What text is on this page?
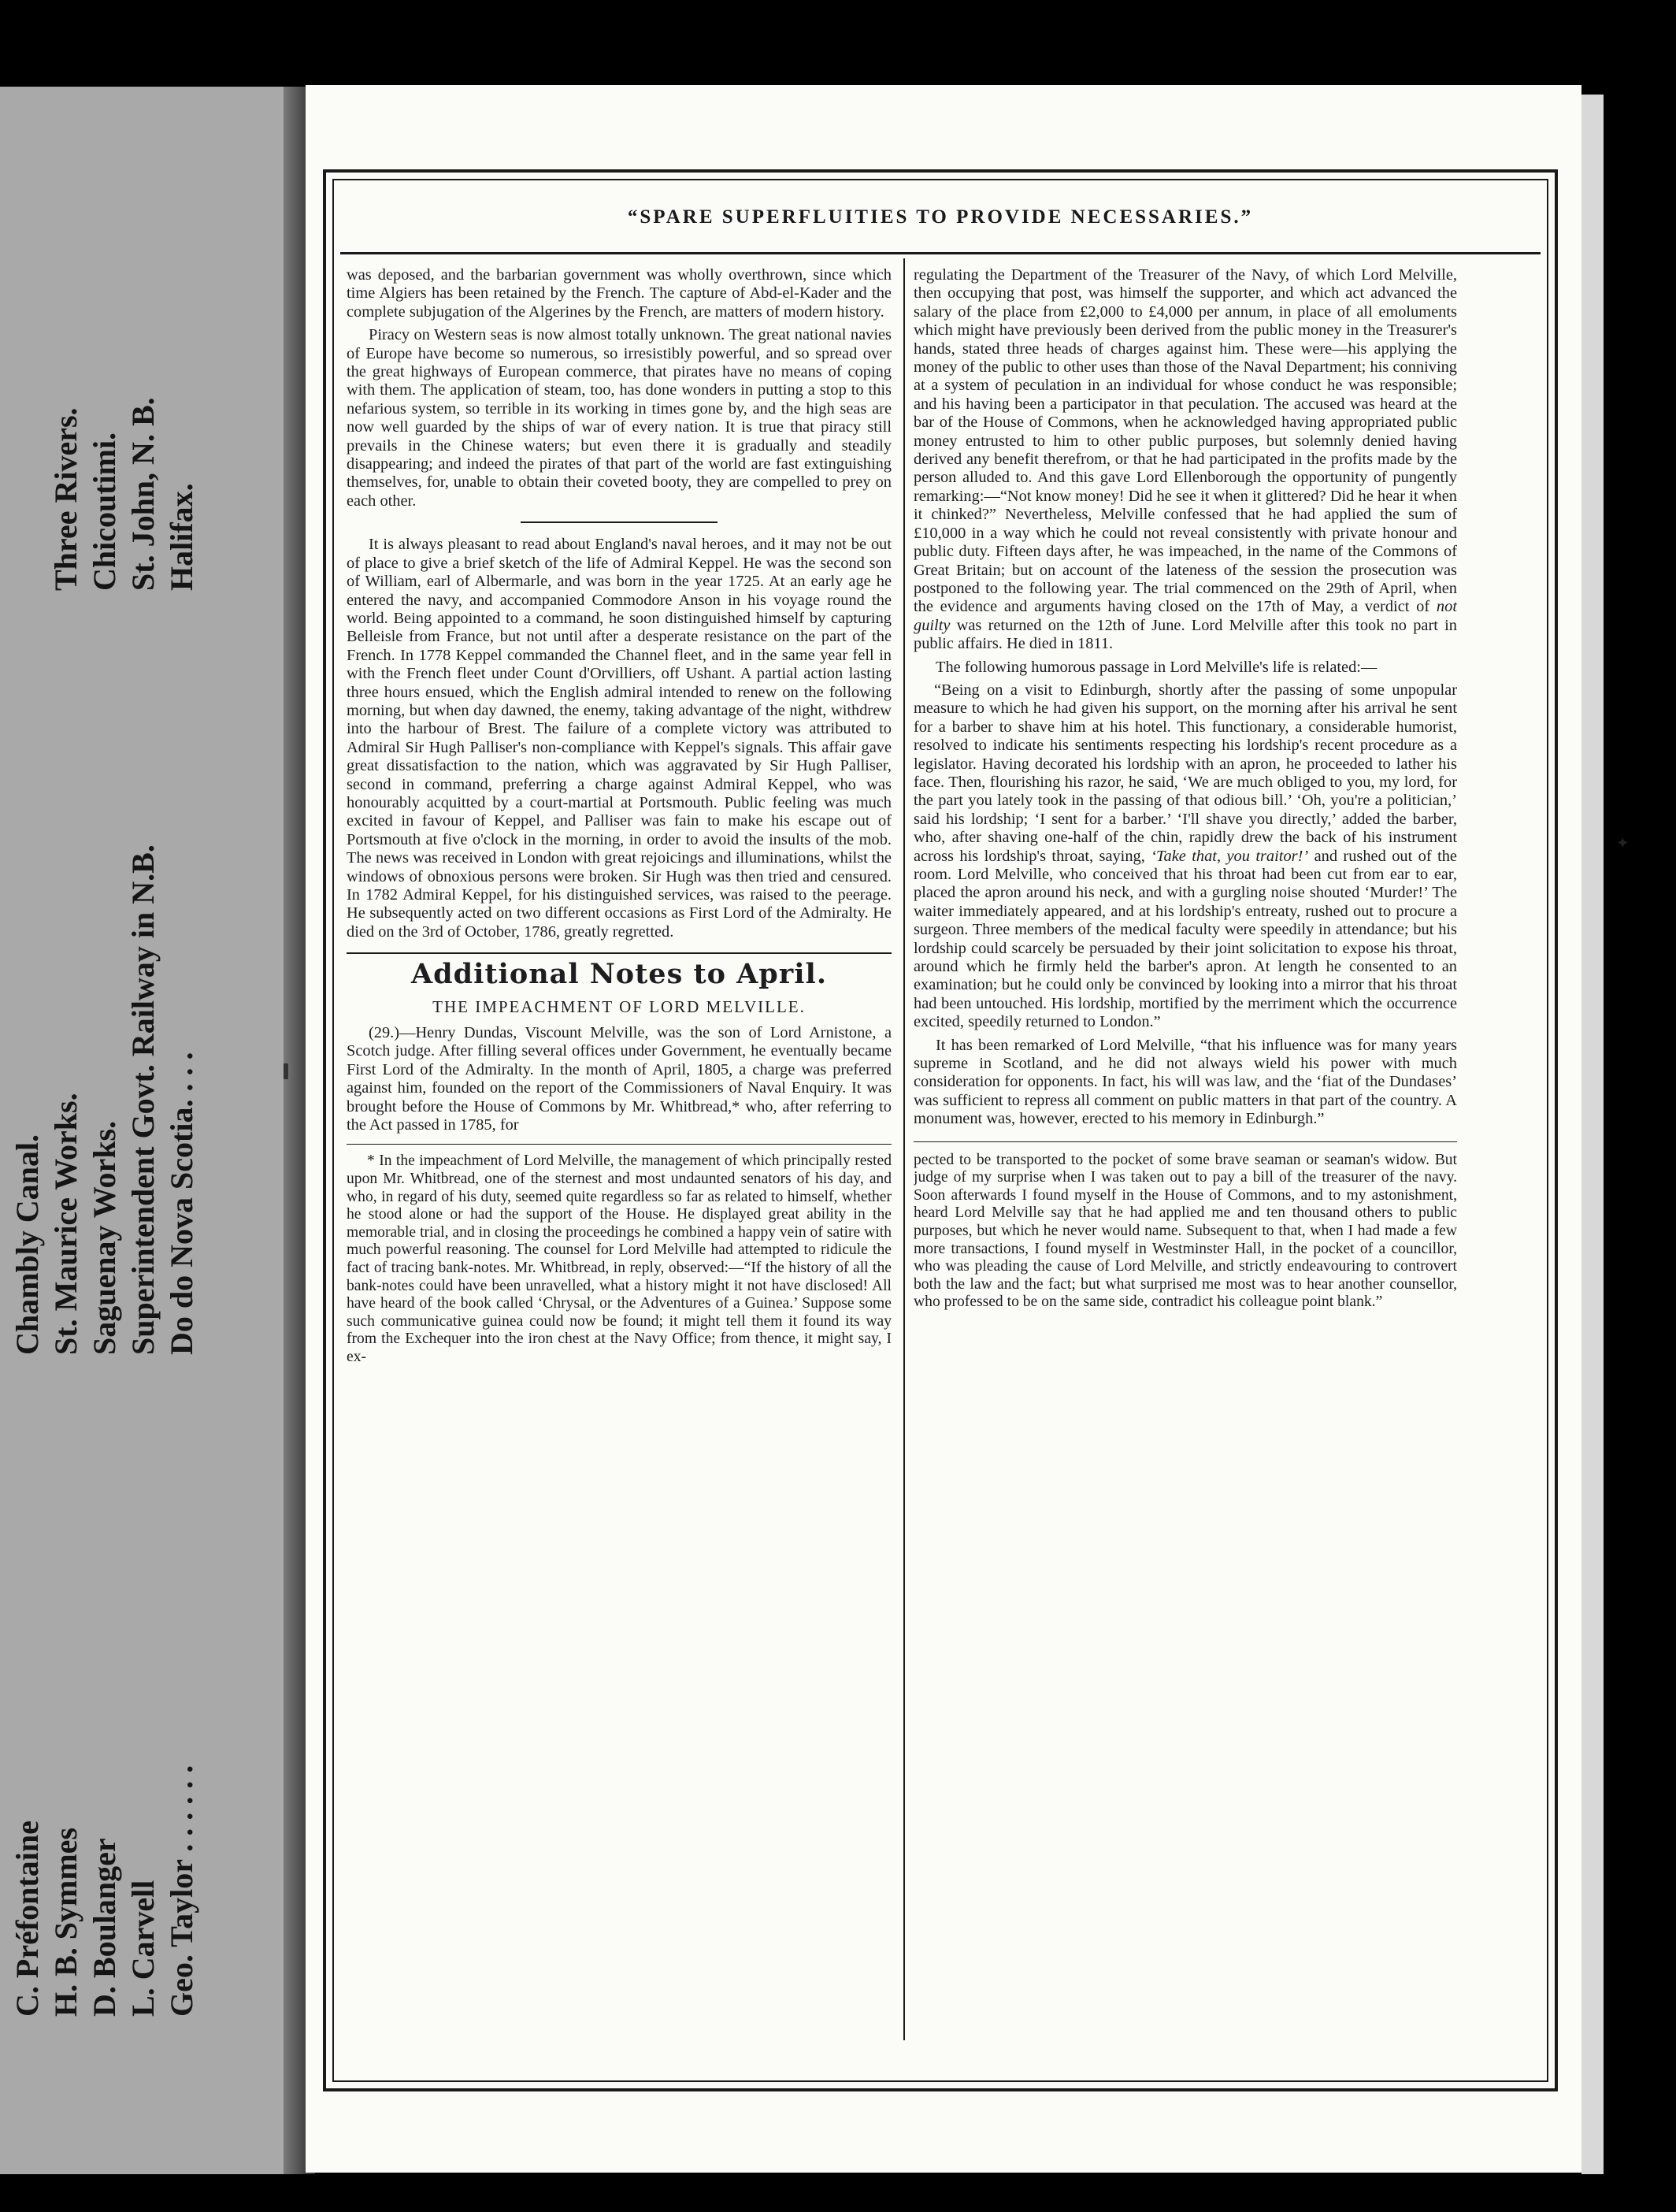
C. Préfontaine
Chambly Canal.
H. B. Symmes
St. Maurice Works.
Three Rivers.
D. Boulanger
Saguenay Works.
Chicoutimi.
L. Carvell
Superintendent Govt. Railway in N.B.
St. John, N. B.
Geo. Taylor . . . . . .
Do do Nova Scotia. . . .
Halifax.
“SPARE SUPERFLUITIES TO PROVIDE NECESSARIES.”

was deposed, and the barbarian government was wholly overthrown, since which time Algiers has been retained by the French. The capture of Abd-el-Kader and the complete subjugation of the Algerines by the French, are matters of modern history.

Piracy on Western seas is now almost totally unknown. The great national navies of Europe have become so numerous, so irresistibly powerful, and so spread over the great highways of European commerce, that pirates have no means of coping with them. The application of steam, too, has done wonders in putting a stop to this nefarious system, so terrible in its working in times gone by, and the high seas are now well guarded by the ships of war of every nation. It is true that piracy still prevails in the Chinese waters; but even there it is gradually and steadily disappearing; and indeed the pirates of that part of the world are fast extinguishing themselves, for, unable to obtain their coveted booty, they are compelled to prey on each other.

It is always pleasant to read about England's naval heroes, and it may not be out of place to give a brief sketch of the life of Admiral Keppel. He was the second son of William, earl of Albermarle, and was born in the year 1725. At an early age he entered the navy, and accompanied Commodore Anson in his voyage round the world. Being appointed to a command, he soon distinguished himself by capturing Belleisle from France, but not until after a desperate resistance on the part of the French. In 1778 Keppel commanded the Channel fleet, and in the same year fell in with the French fleet under Count d'Orvilliers, off Ushant. A partial action lasting three hours ensued, which the English admiral intended to renew on the following morning, but when day dawned, the enemy, taking advantage of the night, withdrew into the harbour of Brest. The failure of a complete victory was attributed to Admiral Sir Hugh Palliser's non-compliance with Keppel's signals. This affair gave great dissatisfaction to the nation, which was aggravated by Sir Hugh Palliser, second in command, preferring a charge against Admiral Keppel, who was honourably acquitted by a court-martial at Portsmouth. Public feeling was much excited in favour of Keppel, and Palliser was fain to make his escape out of Portsmouth at five o'clock in the morning, in order to avoid the insults of the mob. The news was received in London with great rejoicings and illuminations, whilst the windows of obnoxious persons were broken. Sir Hugh was then tried and censured. In 1782 Admiral Keppel, for his distinguished services, was raised to the peerage. He subsequently acted on two different occasions as First Lord of the Admiralty. He died on the 3rd of October, 1786, greatly regretted.

Additional Notes to April.
THE IMPEACHMENT OF LORD MELVILLE.

(29.)—Henry Dundas, Viscount Melville, was the son of Lord Arnistone, a Scotch judge. After filling several offices under Government, he eventually became First Lord of the Admiralty. In the month of April, 1805, a charge was preferred against him, founded on the report of the Commissioners of Naval Enquiry. It was brought before the House of Commons by Mr. Whitbread,* who, after referring to the Act passed in 1785, for

* In the impeachment of Lord Melville, the management of which principally rested upon Mr. Whitbread, one of the sternest and most undaunted senators of his day, and who, in regard of his duty, seemed quite regardless so far as related to himself, whether he stood alone or had the support of the House. He displayed great ability in the memorable trial, and in closing the proceedings he combined a happy vein of satire with much powerful reasoning. The counsel for Lord Melville had attempted to ridicule the fact of tracing bank-notes. Mr. Whitbread, in reply, observed:—“If the history of all the bank-notes could have been unravelled, what a history might it not have disclosed! All have heard of the book called ‘Chrysal, or the Adventures of a Guinea.’ Suppose some such communicative guinea could now be found; it might tell them it found its way from the Exchequer into the iron chest at the Navy Office; from thence, it might say, I ex-

regulating the Department of the Treasurer of the Navy, of which Lord Melville, then occupying that post, was himself the supporter, and which act advanced the salary of the place from £2,000 to £4,000 per annum, in place of all emoluments which might have previously been derived from the public money in the Treasurer's hands, stated three heads of charges against him. These were—his applying the money of the public to other uses than those of the Naval Department; his conniving at a system of peculation in an individual for whose conduct he was responsible; and his having been a participator in that peculation. The accused was heard at the bar of the House of Commons, when he acknowledged having appropriated public money entrusted to him to other public purposes, but solemnly denied having derived any benefit therefrom, or that he had participated in the profits made by the person alluded to. And this gave Lord Ellenborough the opportunity of pungently remarking:—“Not know money! Did he see it when it glittered? Did he hear it when it chinked?” Nevertheless, Melville confessed that he had applied the sum of £10,000 in a way which he could not reveal consistently with private honour and public duty. Fifteen days after, he was impeached, in the name of the Commons of Great Britain; but on account of the lateness of the session the prosecution was postponed to the following year. The trial commenced on the 29th of April, when the evidence and arguments having closed on the 17th of May, a verdict of not guilty was returned on the 12th of June. Lord Melville after this took no part in public affairs. He died in 1811.

The following humorous passage in Lord Melville's life is related:—

“Being on a visit to Edinburgh, shortly after the passing of some unpopular measure to which he had given his support, on the morning after his arrival he sent for a barber to shave him at his hotel. This functionary, a considerable humorist, resolved to indicate his sentiments respecting his lordship's recent procedure as a legislator. Having decorated his lordship with an apron, he proceeded to lather his face. Then, flourishing his razor, he said, ‘We are much obliged to you, my lord, for the part you lately took in the passing of that odious bill.’ ‘Oh, you're a politician,’ said his lordship; ‘I sent for a barber.’ ‘I'll shave you directly,’ added the barber, who, after shaving one-half of the chin, rapidly drew the back of his instrument across his lordship's throat, saying, ‘Take that, you traitor!’ and rushed out of the room. Lord Melville, who conceived that his throat had been cut from ear to ear, placed the apron around his neck, and with a gurgling noise shouted ‘Murder!’ The waiter immediately appeared, and at his lordship's entreaty, rushed out to procure a surgeon. Three members of the medical faculty were speedily in attendance; but his lordship could scarcely be persuaded by their joint solicitation to expose his throat, around which he firmly held the barber's apron. At length he consented to an examination; but he could only be convinced by looking into a mirror that his throat had been untouched. His lordship, mortified by the merriment which the occurrence excited, speedily returned to London.”

It has been remarked of Lord Melville, “that his influence was for many years supreme in Scotland, and he did not always wield his power with much consideration for opponents. In fact, his will was law, and the ‘fiat of the Dundases’ was sufficient to repress all comment on public matters in that part of the country. A monument was, however, erected to his memory in Edinburgh.”

pected to be transported to the pocket of some brave seaman or seaman's widow. But judge of my surprise when I was taken out to pay a bill of the treasurer of the navy. Soon afterwards I found myself in the House of Commons, and to my astonishment, heard Lord Melville say that he had applied me and ten thousand others to public purposes, but which he never would name. Subsequent to that, when I had made a few more transactions, I found myself in Westminster Hall, in the pocket of a councillor, who was pleading the cause of Lord Melville, and strictly endeavouring to controvert both the law and the fact; but what surprised me most was to hear another counsellor, who professed to be on the same side, contradict his colleague point blank.”

✦
